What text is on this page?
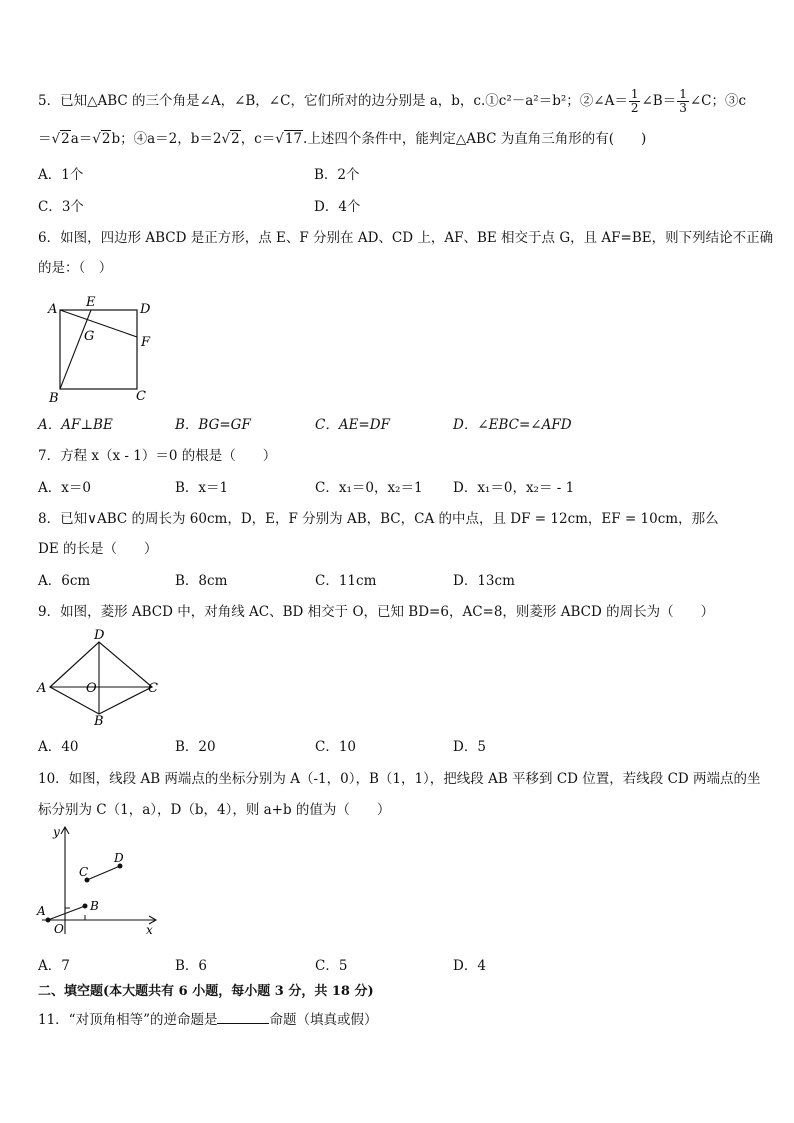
5．已知△ABC 的三个角是∠A，∠B，∠C，它们所对的边分别是 a，b，c.①c²－a²＝b²；②∠A＝ $\frac{1}{2}$ ∠B＝ $\frac{1}{3}$ ∠C；③c
＝√2a＝√2b；④a＝2，b＝2√2，c＝√17.上述四个条件中，能判定△ABC 为直角三角形的有(　　)
A．1个	B．2个
C．3个	D．4个
6．如图，四边形 ABCD 是正方形，点 E、F 分别在 AD、CD 上，AF、BE 相交于点 G，且 AF=BE，则下列结论不正确
的是：（　）
A E	D
G	F
B	C
A．AF⊥BE	B．BG=GF	C．AE=DF	D．∠EBC=∠AFD
7．方程 x（x - 1）＝0 的根是（　　）
A．x＝0	B．x＝1	C．x₁＝0，x₂＝1 D．x₁＝0，x₂＝ - 1
8．已知∨ABC 的周长为 60cm，D，E，F 分别为 AB，BC，CA 的中点，且 DF = 12cm，EF = 10cm，那么
DE 的长是（　　）
A．6cm	B．8cm	C．11cm	D．13cm
9．如图，菱形 ABCD 中，对角线 AC、BD 相交于 O，已知 BD=6，AC=8，则菱形 ABCD 的周长为（　　）
D
A	O	C
B
A．40	B．20	C．10	D．5
10．如图，线段 AB 两端点的坐标分别为 A（-1，0），B（1，1），把线段 AB 平移到 CD 位置，若线段 CD 两端点的坐
标分别为 C（1，a），D（b，4），则 a+b 的值为（　　）
y
x
O
A	B
C
D
A．7	B．6	C．5	D．4
二、填空题(本大题共有 6 小题，每小题 3 分，共 18 分)
11．“对顶角相等”的逆命题是	命题（填真或假）
